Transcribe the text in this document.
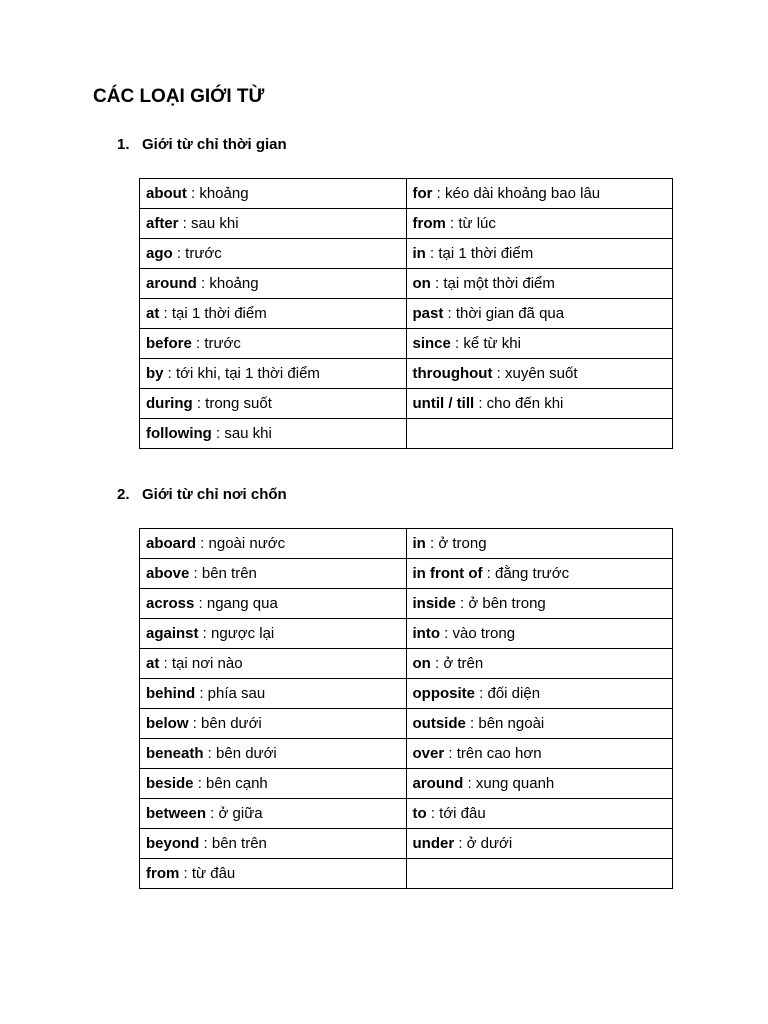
CÁC LOẠI GIỚI TỪ
1. Giới từ chỉ thời gian
about : khoảng	for : kéo dài khoảng bao lâu
after : sau khi	from : từ lúc
ago : trước	in : tại 1 thời điểm
around : khoảng	on : tại một thời điểm
at : tại 1 thời điểm	past : thời gian đã qua
before : trước	since : kể từ khi
by : tới khi, tại 1 thời điểm	throughout : xuyên suốt
during : trong suốt	until / till : cho đến khi
following : sau khi	
2. Giới từ chỉ nơi chốn
aboard : ngoài nước	in : ở trong
above : bên trên	in front of : đằng trước
across : ngang qua	inside : ở bên trong
against : ngược lại	into : vào trong
at : tại nơi nào	on : ở trên
behind : phía sau	opposite : đối diện
below : bên dưới	outside : bên ngoài
beneath : bên dưới	over : trên cao hơn
beside : bên cạnh	around : xung quanh
between : ở giữa	to : tới đâu
beyond : bên trên	under : ở dưới
from : từ đâu	
